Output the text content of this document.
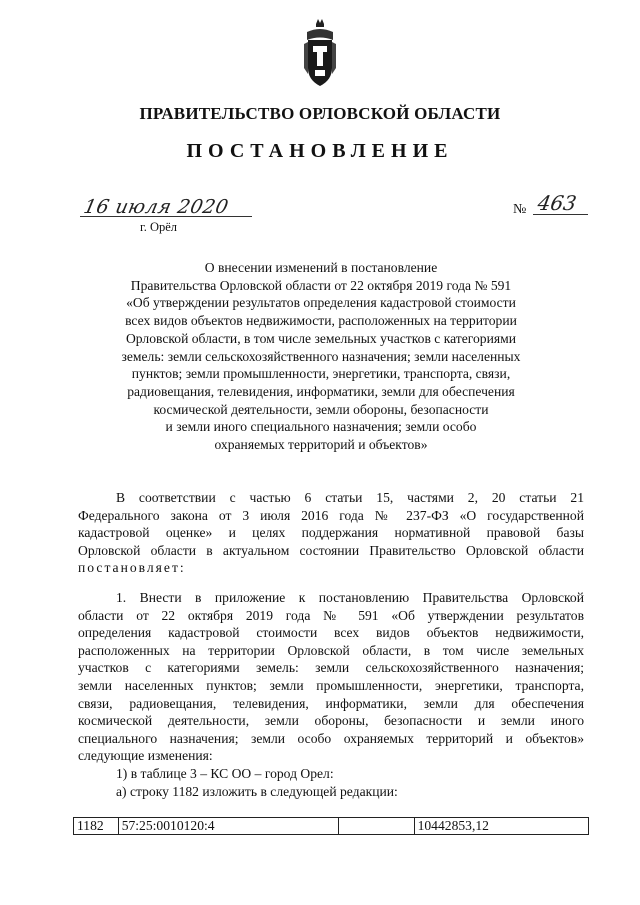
ПРАВИТЕЛЬСТВО ОРЛОВСКОЙ ОБЛАСТИ
ПОСТАНОВЛЕНИЕ
16 июля 2020
г. Орёл
№ 463
О внесении изменений в постановление
Правительства Орловской области от 22 октября 2019 года № 591
«Об утверждении результатов определения кадастровой стоимости
всех видов объектов недвижимости, расположенных на территории
Орловской области, в том числе земельных участков с категориями
земель: земли сельскохозяйственного назначения; земли населенных
пунктов; земли промышленности, энергетики, транспорта, связи,
радиовещания, телевидения, информатики, земли для обеспечения
космической деятельности, земли обороны, безопасности
и земли иного специального назначения; земли особо
охраняемых территорий и объектов»
В соответствии с частью 6 статьи 15, частями 2, 20 статьи 21
Федерального закона от 3 июля 2016 года № 237-ФЗ «О государственной
кадастровой оценке» и целях поддержания нормативной правовой базы
Орловской области в актуальном состоянии Правительство Орловской области
постановляет:
1. Внести в приложение к постановлению Правительства Орловской
области от 22 октября 2019 года № 591 «Об утверждении результатов
определения кадастровой стоимости всех видов объектов недвижимости,
расположенных на территории Орловской области, в том числе земельных
участков с категориями земель: земли сельскохозяйственного назначения;
земли населенных пунктов; земли промышленности, энергетики, транспорта,
связи, радиовещания, телевидения, информатики, земли для обеспечения
космической деятельности, земли обороны, безопасности и земли иного
специального назначения; земли особо охраняемых территорий и объектов»
следующие изменения:
1) в таблице 3 – КС ОО – город Орел:
а) строку 1182 изложить в следующей редакции:
1182	57:25:0010120:4		10442853,12
